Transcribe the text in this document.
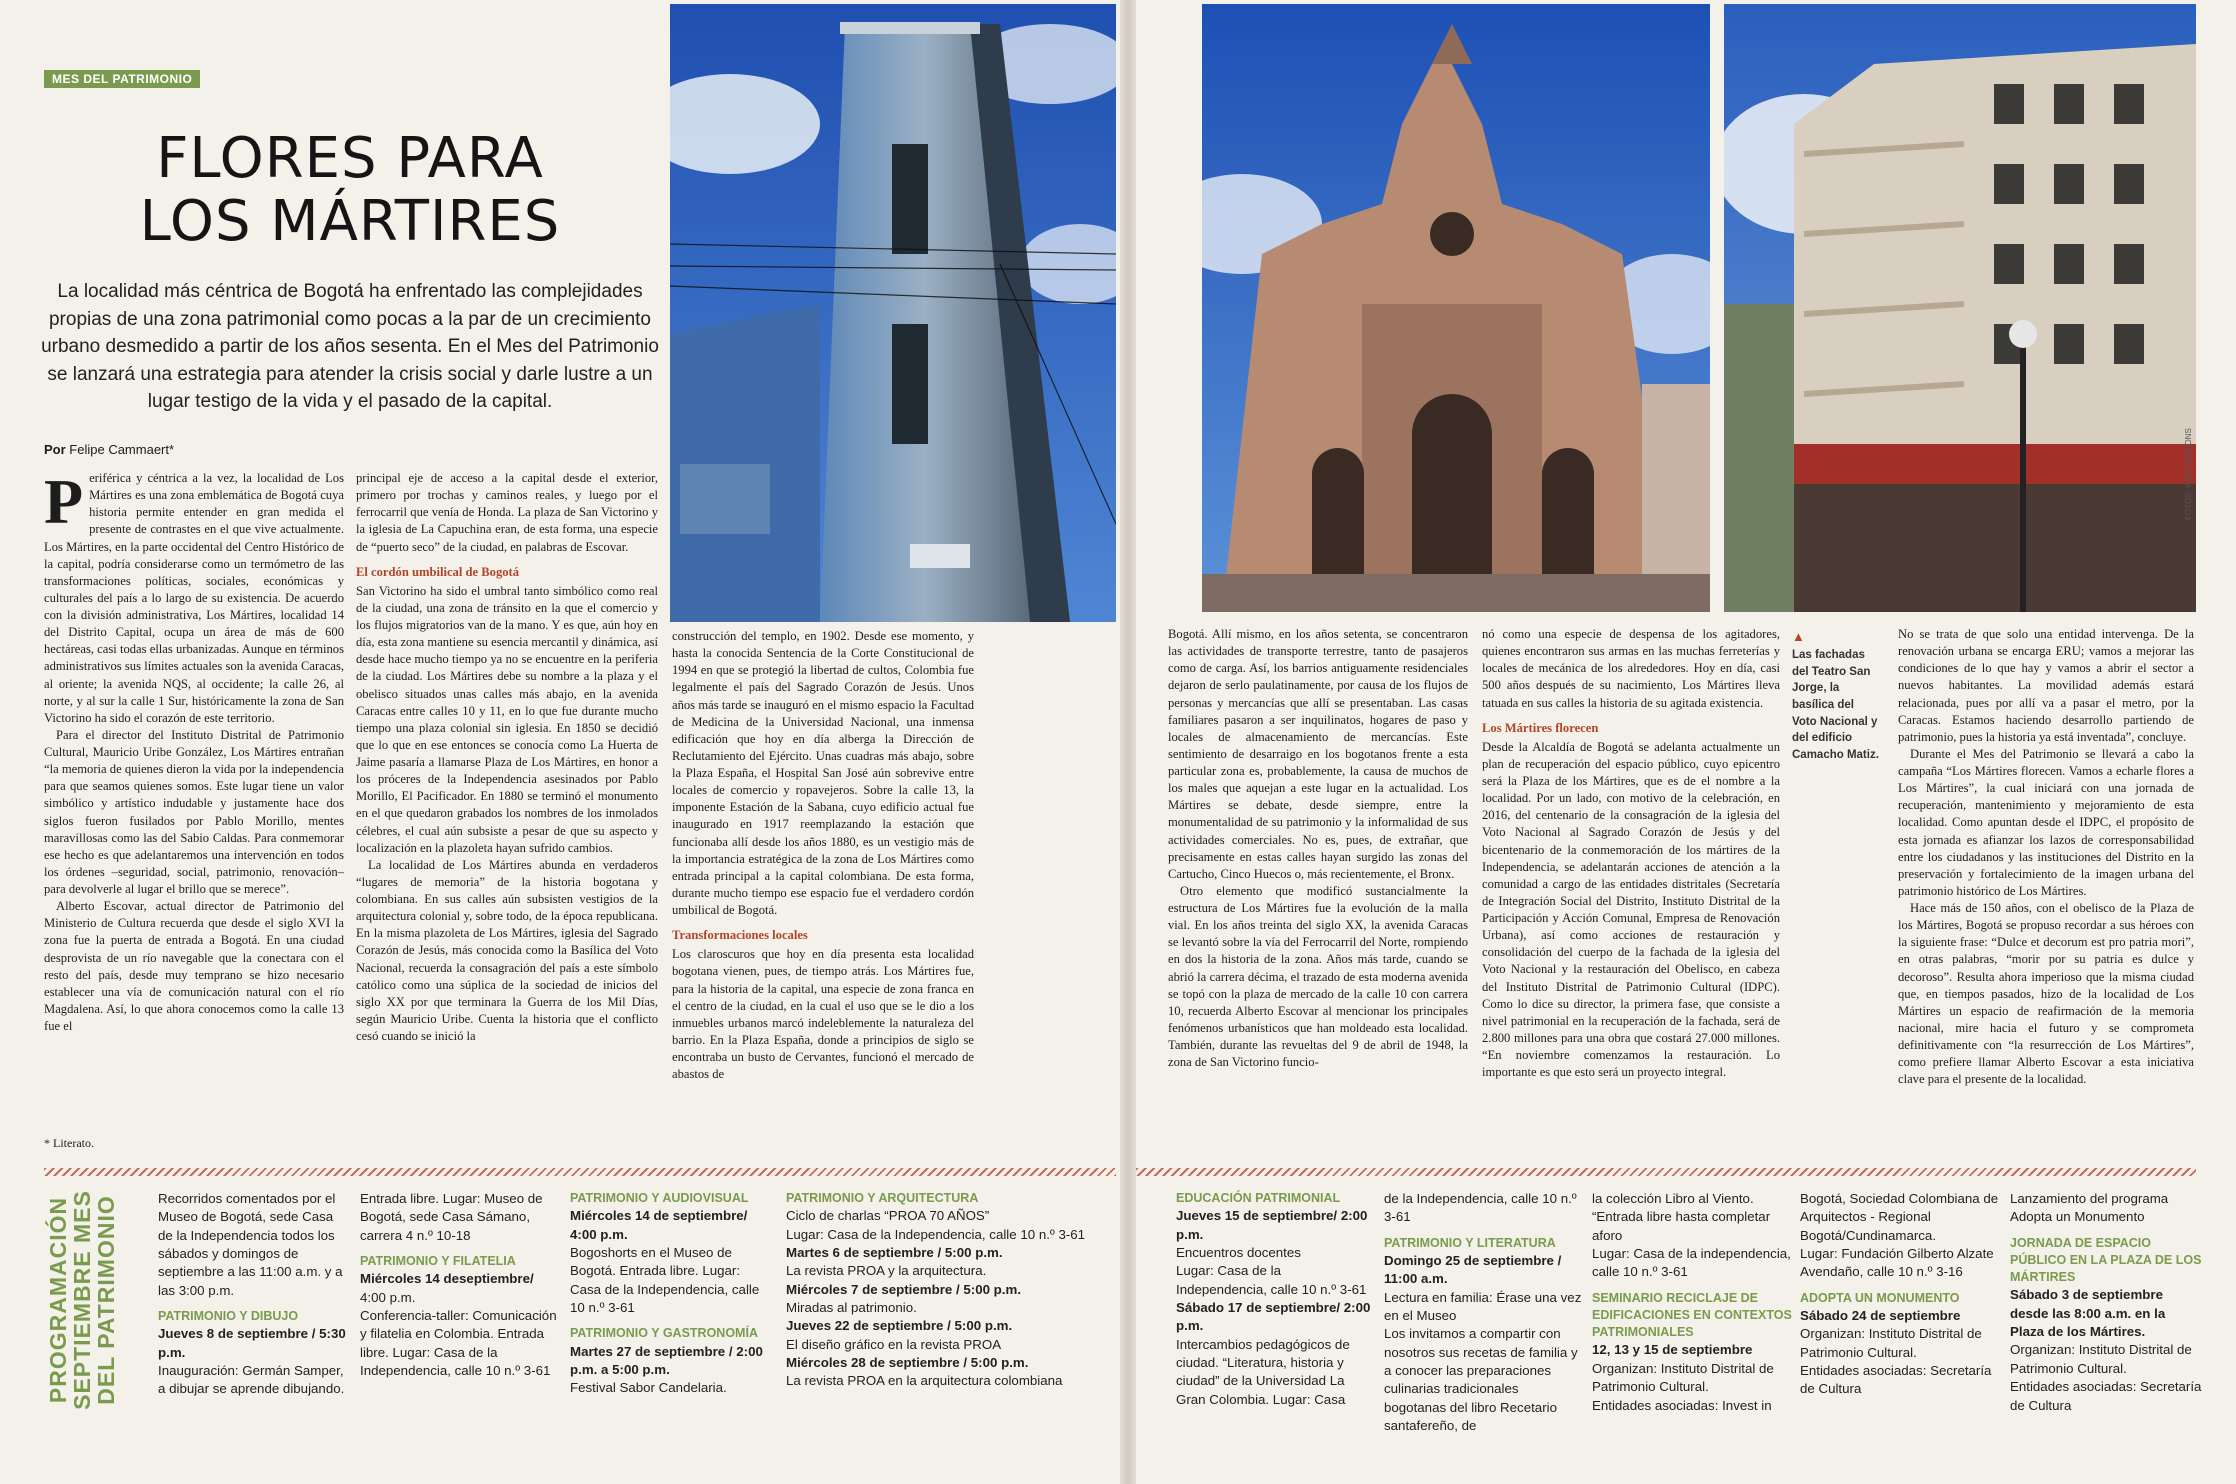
MES DEL PATRIMONIO
FLORES PARA
LOS MÁRTIRES

La localidad más céntrica de Bogotá ha enfrentado las complejidades propias de una zona patrimonial como pocas a la par de un crecimiento urbano desmedido a partir de los años sesenta. En el Mes del Patrimonio se lanzará una estrategia para atender la crisis social y darle lustre a un lugar testigo de la vida y el pasado de la capital.

Por Felipe Cammaert*

Periférica y céntrica a la vez, la localidad de Los Mártires es una zona emblemática de Bogotá cuya historia permite entender en gran medida el presente de contrastes en el que vive actualmente. Los Mártires, en la parte occidental del Centro Histórico de la capital, podría considerarse como un termómetro de las transformaciones políticas, sociales, económicas y culturales del país a lo largo de su existencia. De acuerdo con la división administrativa, Los Mártires, localidad 14 del Distrito Capital, ocupa un área de más de 600 hectáreas, casi todas ellas urbanizadas. Aunque en términos administrativos sus límites actuales son la avenida Caracas, al oriente; la avenida NQS, al occidente; la calle 26, al norte, y al sur la calle 1 Sur, históricamente la zona de San Victorino ha sido el corazón de este territorio.

Para el director del Instituto Distrital de Patrimonio Cultural, Mauricio Uribe González, Los Mártires entrañan “la memoria de quienes dieron la vida por la independencia para que seamos quienes somos. Este lugar tiene un valor simbólico y artístico indudable y justamente hace dos siglos fueron fusilados por Pablo Morillo, mentes maravillosas como las del Sabio Caldas. Para conmemorar ese hecho es que adelantaremos una intervención en todos los órdenes –seguridad, social, patrimonio, renovación– para devolverle al lugar el brillo que se merece”.

Alberto Escovar, actual director de Patrimonio del Ministerio de Cultura recuerda que desde el siglo XVI la zona fue la puerta de entrada a Bogotá. En una ciudad desprovista de un río navegable que la conectara con el resto del país, desde muy temprano se hizo necesario establecer una vía de comunicación natural con el río Magdalena. Así, lo que ahora conocemos como la calle 13 fue el

* Literato.

principal eje de acceso a la capital desde el exterior, primero por trochas y caminos reales, y luego por el ferrocarril que venía de Honda. La plaza de San Victorino y la iglesia de La Capuchina eran, de esta forma, una especie de “puerto seco” de la ciudad, en palabras de Escovar.

El cordón umbilical de Bogotá

San Victorino ha sido el umbral tanto simbólico como real de la ciudad, una zona de tránsito en la que el comercio y los flujos migratorios van de la mano. Y es que, aún hoy en día, esta zona mantiene su esencia mercantil y dinámica, así desde hace mucho tiempo ya no se encuentre en la periferia de la ciudad. Los Mártires debe su nombre a la plaza y el obelisco situados unas calles más abajo, en la avenida Caracas entre calles 10 y 11, en lo que fue durante mucho tiempo una plaza colonial sin iglesia. En 1850 se decidió que lo que en ese entonces se conocía como La Huerta de Jaime pasaría a llamarse Plaza de Los Mártires, en honor a los próceres de la Independencia asesinados por Pablo Morillo, El Pacificador. En 1880 se terminó el monumento en el que quedaron grabados los nombres de los inmolados célebres, el cual aún subsiste a pesar de que su aspecto y localización en la plazoleta hayan sufrido cambios.

La localidad de Los Mártires abunda en verdaderos “lugares de memoria” de la historia bogotana y colombiana. En sus calles aún subsisten vestigios de la arquitectura colonial y, sobre todo, de la época republicana. En la misma plazoleta de Los Mártires, iglesia del Sagrado Corazón de Jesús, más conocida como la Basílica del Voto Nacional, recuerda la consagración del país a este símbolo católico como una súplica de la sociedad de inicios del siglo XX por que terminara la Guerra de los Mil Días, según Mauricio Uribe. Cuenta la historia que el conflicto cesó cuando se inició la

construcción del templo, en 1902. Desde ese momento, y hasta la conocida Sentencia de la Corte Constitucional de 1994 en que se protegió la libertad de cultos, Colombia fue legalmente el país del Sagrado Corazón de Jesús. Unos años más tarde se inauguró en el mismo espacio la Facultad de Medicina de la Universidad Nacional, una inmensa edificación que hoy en día alberga la Dirección de Reclutamiento del Ejército. Unas cuadras más abajo, sobre la Plaza España, el Hospital San José aún sobrevive entre locales de comercio y ropavejeros. Sobre la calle 13, la imponente Estación de la Sabana, cuyo edificio actual fue inaugurado en 1917 reemplazando la estación que funcionaba allí desde los años 1880, es un vestigio más de la importancia estratégica de la zona de Los Mártires como entrada principal a la capital colombiana. De esta forma, durante mucho tiempo ese espacio fue el verdadero cordón umbilical de Bogotá.

Transformaciones locales

Los claroscuros que hoy en día presenta esta localidad bogotana vienen, pues, de tiempo atrás. Los Mártires fue, para la historia de la capital, una especie de zona franca en el centro de la ciudad, en la cual el uso que se le dio a los inmuebles urbanos marcó indeleblemente la naturaleza del barrio. En la Plaza España, donde a principios de siglo se encontraba un busto de Cervantes, funcionó el mercado de abastos de

FOTOS: WIKICOMMONS

Bogotá. Allí mismo, en los años setenta, se concentraron las actividades de transporte terrestre, tanto de pasajeros como de carga. Así, los barrios antiguamente residenciales dejaron de serlo paulatinamente, por causa de los flujos de personas y mercancías que allí se presentaban. Las casas familiares pasaron a ser inquilinatos, hogares de paso y locales de almacenamiento de mercancías. Este sentimiento de desarraigo en los bogotanos frente a esta particular zona es, probablemente, la causa de muchos de los males que aquejan a este lugar en la actualidad. Los Mártires se debate, desde siempre, entre la monumentalidad de su patrimonio y la informalidad de sus actividades comerciales. No es, pues, de extrañar, que precisamente en estas calles hayan surgido las zonas del Cartucho, Cinco Huecos o, más recientemente, el Bronx.

Otro elemento que modificó sustancialmente la estructura de Los Mártires fue la evolución de la malla vial. En los años treinta del siglo XX, la avenida Caracas se levantó sobre la vía del Ferrocarril del Norte, rompiendo en dos la historia de la zona. Años más tarde, cuando se abrió la carrera décima, el trazado de esta moderna avenida se topó con la plaza de mercado de la calle 10 con carrera 10, recuerda Alberto Escovar al mencionar los principales fenómenos urbanísticos que han moldeado esta localidad. También, durante las revueltas del 9 de abril de 1948, la zona de San Victorino funcio-

nó como una especie de despensa de los agitadores, quienes encontraron sus armas en las muchas ferreterías y locales de mecánica de los alrededores. Hoy en día, casi 500 años después de su nacimiento, Los Mártires lleva tatuada en sus calles la historia de su agitada existencia.

Los Mártires florecen

Desde la Alcaldía de Bogotá se adelanta actualmente un plan de recuperación del espacio público, cuyo epicentro será la Plaza de los Mártires, que es de el nombre a la localidad. Por un lado, con motivo de la celebración, en 2016, del centenario de la consagración de la iglesia del Voto Nacional al Sagrado Corazón de Jesús y del bicentenario de la conmemoración de los mártires de la Independencia, se adelantarán acciones de atención a la comunidad a cargo de las entidades distritales (Secretaría de Integración Social del Distrito, Instituto Distrital de la Participación y Acción Comunal, Empresa de Renovación Urbana), así como acciones de restauración y consolidación del cuerpo de la fachada de la iglesia del Voto Nacional y la restauración del Obelisco, en cabeza del Instituto Distrital de Patrimonio Cultural (IDPC). Como lo dice su director, la primera fase, que consiste a nivel patrimonial en la recuperación de la fachada, será de 2.800 millones para una obra que costará 27.000 millones. “En noviembre comenzamos la restauración. Lo importante es que esto será un proyecto integral.

▲
Las fachadas del Teatro San Jorge, la basílica del Voto Nacional y del edificio Camacho Matiz.

No se trata de que solo una entidad intervenga. De la renovación urbana se encarga ERU; vamos a mejorar las condiciones de lo que hay y vamos a abrir el sector a nuevos habitantes. La movilidad además estará relacionada, pues por allí va a pasar el metro, por la Caracas. Estamos haciendo desarrollo partiendo de patrimonio, pues la historia ya está inventada”, concluye.

Durante el Mes del Patrimonio se llevará a cabo la campaña “Los Mártires florecen. Vamos a echarle flores a Los Mártires”, la cual iniciará con una jornada de recuperación, mantenimiento y mejoramiento de esta localidad. Como apuntan desde el IDPC, el propósito de esta jornada es afianzar los lazos de corresponsabilidad entre los ciudadanos y las instituciones del Distrito en la preservación y fortalecimiento de la imagen urbana del patrimonio histórico de Los Mártires.

Hace más de 150 años, con el obelisco de la Plaza de los Mártires, Bogotá se propuso recordar a sus héroes con la siguiente frase: “Dulce et decorum est pro patria mori”, en otras palabras, “morir por su patria es dulce y decoroso”. Resulta ahora imperioso que la misma ciudad que, en tiempos pasados, hizo de la localidad de Los Mártires un espacio de reafirmación de la memoria nacional, mire hacia el futuro y se comprometa definitivamente con “la resurrección de Los Mártires”, como prefiere llamar Alberto Escovar a esta iniciativa clave para el presente de la localidad.

PROGRAMACIÓN
SEPTIEMBRE MES
DEL PATRIMONIO	Recorridos comentados por el Museo de Bogotá, sede Casa de la Independencia todos los sábados y domingos de septiembre a las 11:00 a.m. y a las 3:00 p.m.
PATRIMONIO Y DIBUJO
Jueves 8 de septiembre / 5:30 p.m.
Inauguración: Germán Samper, a dibujar se aprende dibujando.
Entrada libre. Lugar: Museo de Bogotá, sede Casa Sámano, carrera 4 n.º 10-18
PATRIMONIO Y FILATELIA
Miércoles 14 deseptiembre/
4:00 p.m.
Conferencia-taller: Comunicación y filatelia en Colombia. Entrada libre. Lugar: Casa de la Independencia, calle 10 n.º 3-61
PATRIMONIO Y AUDIOVISUAL
Miércoles 14 de septiembre/ 4:00 p.m.
Bogoshorts en el Museo de Bogotá. Entrada libre. Lugar: Casa de la Independencia, calle 10 n.º 3-61
PATRIMONIO Y GASTRONOMÍA
Martes 27 de septiembre / 2:00 p.m. a 5:00 p.m.
Festival Sabor Candelaria.
PATRIMONIO Y ARQUITECTURA
Ciclo de charlas “PROA 70 AÑOS”
Lugar: Casa de la Independencia, calle 10 n.º 3-61
Martes 6 de septiembre / 5:00 p.m.
La revista PROA y la arquitectura.
Miércoles 7 de septiembre / 5:00 p.m.
Miradas al patrimonio.
Jueves 22 de septiembre / 5:00 p.m.
El diseño gráfico en la revista PROA
Miércoles 28 de septiembre / 5:00 p.m.
La revista PROA en la arquitectura colombiana
EDUCACIÓN PATRIMONIAL
Jueves 15 de septiembre/ 2:00 p.m.
Encuentros docentes
Lugar: Casa de la Independencia, calle 10 n.º 3-61
Sábado 17 de septiembre/ 2:00 p.m.
Intercambios pedagógicos de ciudad. “Literatura, historia y ciudad” de la Universidad La Gran Colombia. Lugar: Casa
de la Independencia, calle 10 n.º 3-61
PATRIMONIO Y LITERATURA
Domingo 25 de septiembre / 11:00 a.m.
Lectura en familia: Érase una vez en el Museo
Los invitamos a compartir con nosotros sus recetas de familia y a conocer las preparaciones culinarias tradicionales bogotanas del libro Recetario santafereño, de
la colección Libro al Viento. “Entrada libre hasta completar aforo
Lugar: Casa de la independencia, calle 10 n.º 3-61
SEMINARIO RECICLAJE DE EDIFICACIONES EN CONTEXTOS PATRIMONIALES
12, 13 y 15 de septiembre
Organizan: Instituto Distrital de Patrimonio Cultural.
Entidades asociadas: Invest in
Bogotá, Sociedad Colombiana de Arquitectos - Regional Bogotá/Cundinamarca.
Lugar: Fundación Gilberto Alzate Avendaño, calle 10 n.º 3-16
ADOPTA UN MONUMENTO
Sábado 24 de septiembre
Organizan: Instituto Distrital de Patrimonio Cultural.
Entidades asociadas: Secretaría de Cultura
Lanzamiento del programa Adopta un Monumento
JORNADA DE ESPACIO PÚBLICO EN LA PLAZA DE LOS MÁRTIRES
Sábado 3 de septiembre desde las 8:00 a.m. en la Plaza de los Mártires.
Organizan: Instituto Distrital de Patrimonio Cultural.
Entidades asociadas: Secretaría de Cultura
